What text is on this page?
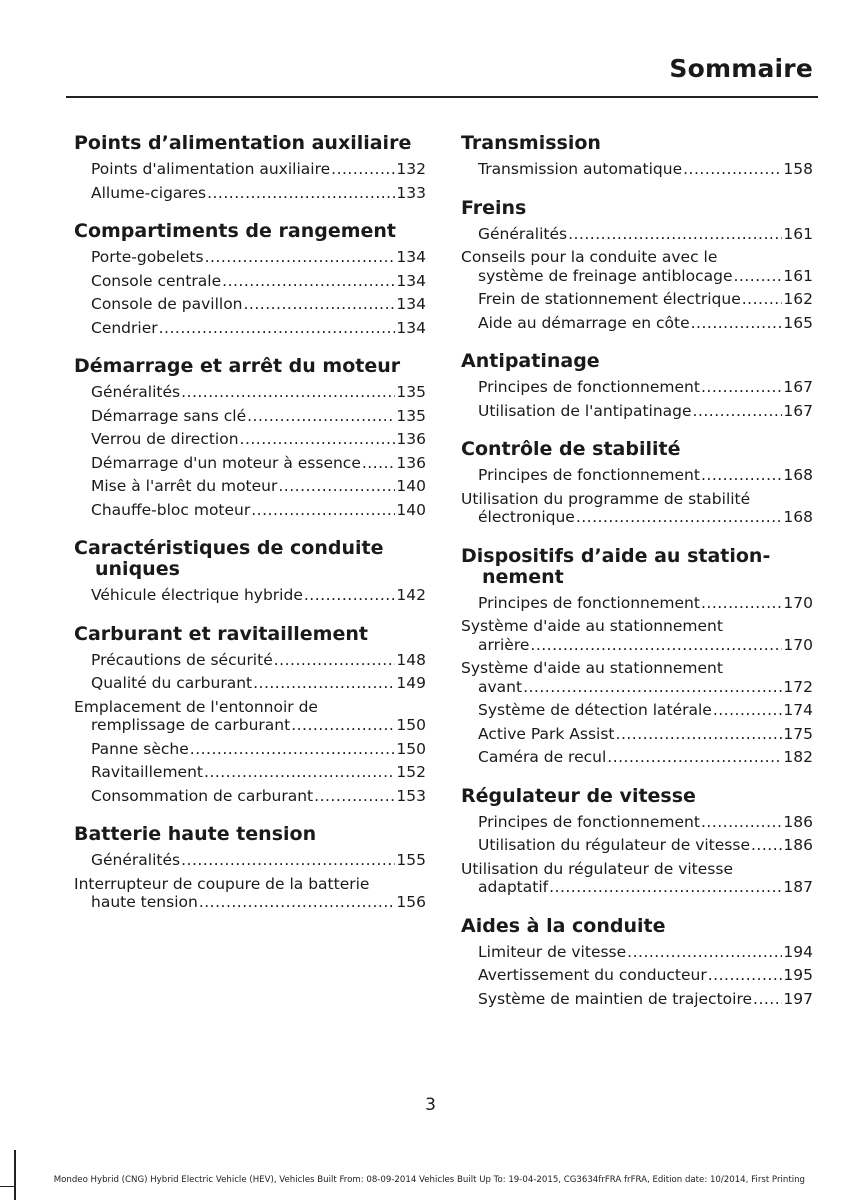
Sommaire
Points d’alimentation auxiliaire
Points d'alimentation auxiliaire .....	132
Allume-cigares .....	133
Compartiments de rangement
Porte-gobelets .....	134
Console centrale .....	134
Console de pavillon .....	134
Cendrier .....	134
Démarrage et arrêt du moteur
Généralités .....	135
Démarrage sans clé .....	135
Verrou de direction .....	136
Démarrage d'un moteur à essence ..... 136
Mise à l'arrêt du moteur .....	140
Chauffe-bloc moteur .....	140
Caractéristiques de conduite uniques
Véhicule électrique hybride .....	142
Carburant et ravitaillement
Précautions de sécurité .....	148
Qualité du carburant .....	149
Emplacement de l'entonnoir de
remplissage de carburant .....	150
Panne sèche .....	150
Ravitaillement .....	152
Consommation de carburant .....	153
Batterie haute tension
Généralités .....	155
Interrupteur de coupure de la batterie
haute tension .....	156
Transmission
Transmission automatique .....	158
Freins
Généralités .....	161
Conseils pour la conduite avec le
système de freinage antiblocage .....	161
Frein de stationnement électrique .....	162
Aide au démarrage en côte .....	165
Antipatinage
Principes de fonctionnement .....	167
Utilisation de l'antipatinage .....	167
Contrôle de stabilité
Principes de fonctionnement .....	168
Utilisation du programme de stabilité
électronique .....	168
Dispositifs d’aide au station- nement
Principes de fonctionnement .....	170
Système d'aide au stationnement
arrière .....	170
Système d'aide au stationnement
avant .....	172
Système de détection latérale .....	174
Active Park Assist .....	175
Caméra de recul .....	182
Régulateur de vitesse
Principes de fonctionnement .....	186
Utilisation du régulateur de vitesse ..... 186
Utilisation du régulateur de vitesse
adaptatif .....	187
Aides à la conduite
Limiteur de vitesse .....	194
Avertissement du conducteur .....	195
Système de maintien de trajectoire ..... 197
3
Mondeo Hybrid (CNG) Hybrid Electric Vehicle (HEV), Vehicles Built From: 08-09-2014 Vehicles Built Up To: 19-04-2015, CG3634frFRA frFRA, Edition date: 10/2014, First Printing
